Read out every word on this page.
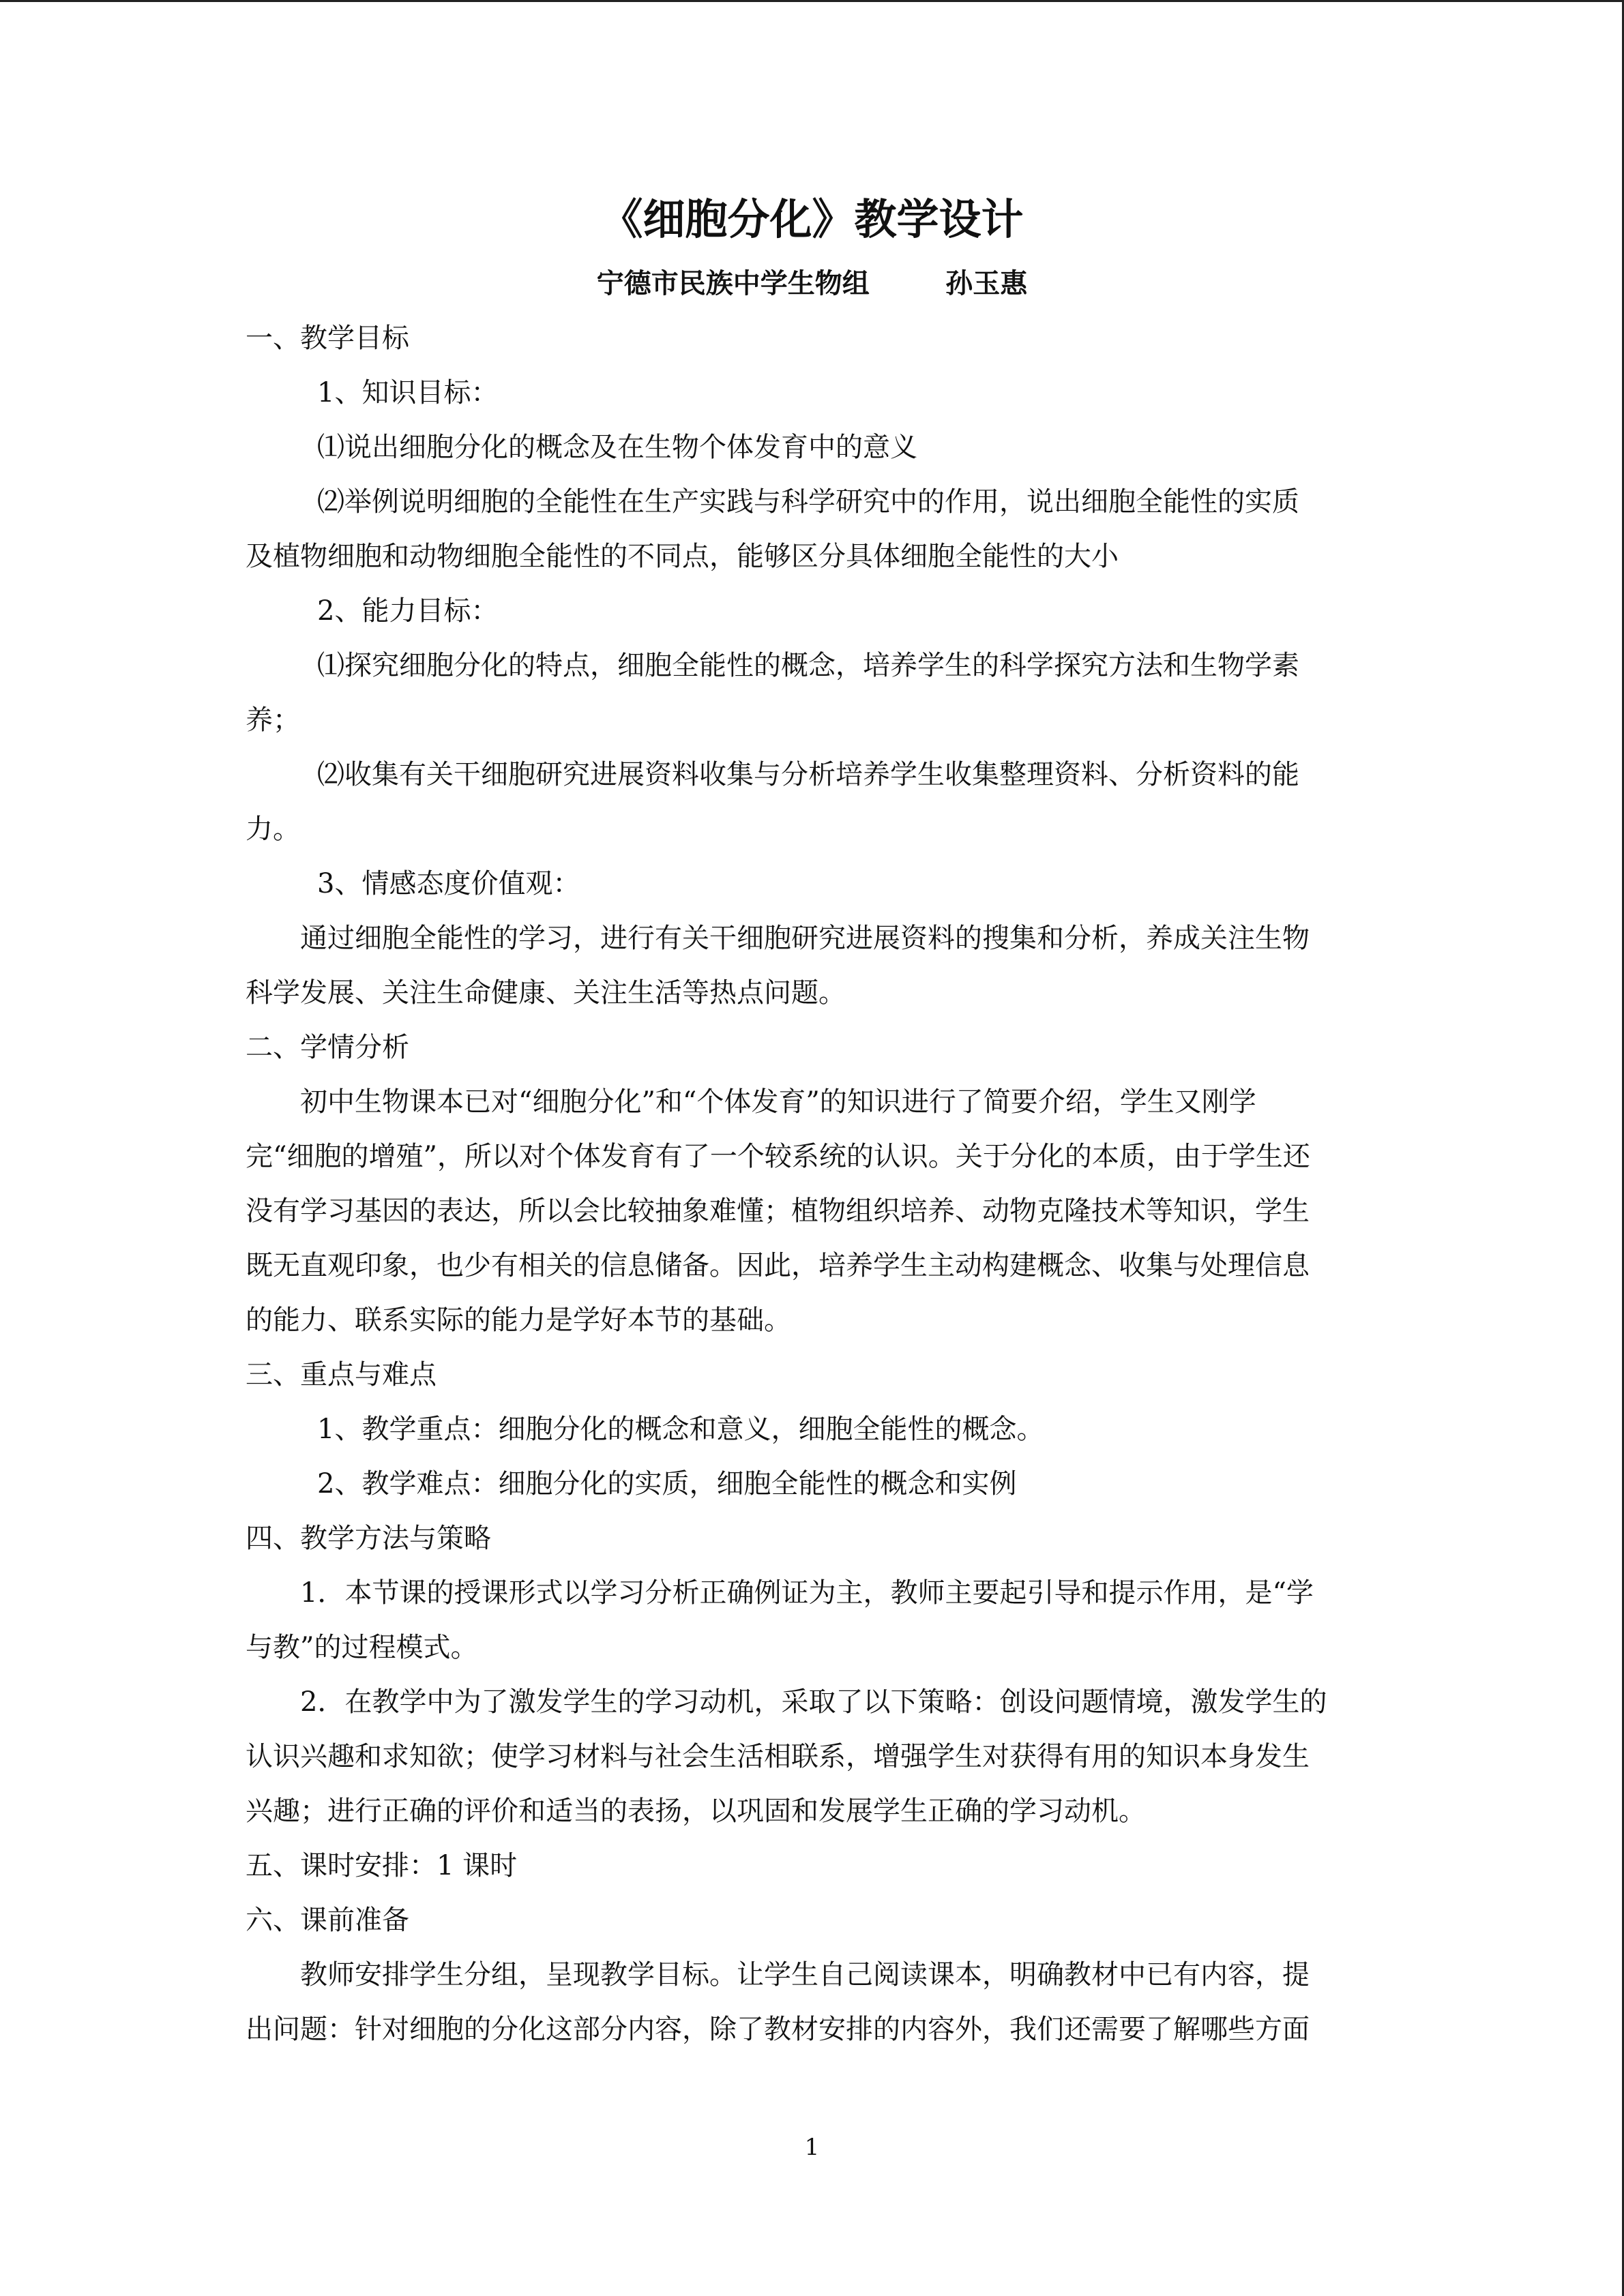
《细胞分化》教学设计
宁德市民族中学生物组        孙玉惠
一、教学目标
1、知识目标：
⑴说出细胞分化的概念及在生物个体发育中的意义
⑵举例说明细胞的全能性在生产实践与科学研究中的作用，说出细胞全能性的实质
及植物细胞和动物细胞全能性的不同点，能够区分具体细胞全能性的大小
2、能力目标：
⑴探究细胞分化的特点，细胞全能性的概念，培养学生的科学探究方法和生物学素
养；
⑵收集有关干细胞研究进展资料收集与分析培养学生收集整理资料、分析资料的能
力。
3、情感态度价值观：
通过细胞全能性的学习，进行有关干细胞研究进展资料的搜集和分析，养成关注生物
科学发展、关注生命健康、关注生活等热点问题。
二、学情分析
初中生物课本已对“细胞分化”和“个体发育”的知识进行了简要介绍，学生又刚学
完“细胞的增殖”，所以对个体发育有了一个较系统的认识。关于分化的本质，由于学生还
没有学习基因的表达，所以会比较抽象难懂；植物组织培养、动物克隆技术等知识，学生
既无直观印象，也少有相关的信息储备。因此，培养学生主动构建概念、收集与处理信息
的能力、联系实际的能力是学好本节的基础。
三、重点与难点
1、教学重点：细胞分化的概念和意义，细胞全能性的概念。
2、教学难点：细胞分化的实质，细胞全能性的概念和实例
四、教学方法与策略
1．本节课的授课形式以学习分析正确例证为主，教师主要起引导和提示作用，是“学
与教”的过程模式。
2．在教学中为了激发学生的学习动机，采取了以下策略：创设问题情境，激发学生的
认识兴趣和求知欲；使学习材料与社会生活相联系，增强学生对获得有用的知识本身发生
兴趣；进行正确的评价和适当的表扬，以巩固和发展学生正确的学习动机。
五、课时安排：1 课时
六、课前准备
教师安排学生分组，呈现教学目标。让学生自己阅读课本，明确教材中已有内容，提
出问题：针对细胞的分化这部分内容，除了教材安排的内容外，我们还需要了解哪些方面
1
